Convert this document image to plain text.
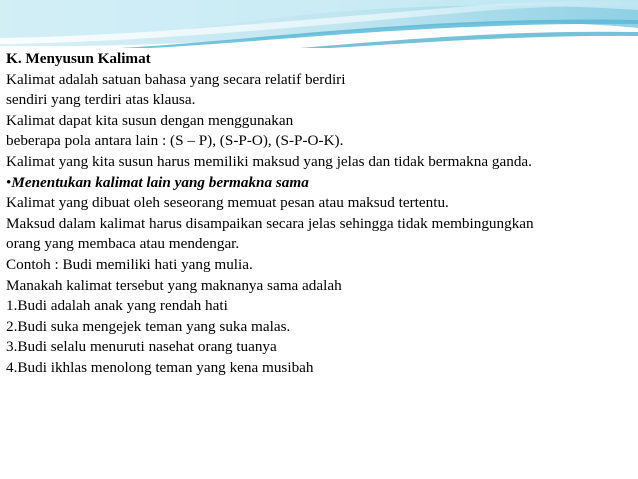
K. Menyusun Kalimat
Kalimat adalah satuan bahasa yang secara relatif berdiri
sendiri yang terdiri atas klausa.
Kalimat dapat kita susun dengan menggunakan
beberapa pola antara lain : (S – P), (S-P-O), (S-P-O-K).
Kalimat yang kita susun harus memiliki maksud yang jelas dan tidak bermakna ganda.
•Menentukan kalimat lain yang bermakna sama
Kalimat yang dibuat oleh seseorang memuat pesan atau maksud tertentu.
Maksud dalam kalimat harus disampaikan secara jelas sehingga tidak membingungkan
orang yang membaca atau mendengar.
Contoh : Budi memiliki hati yang mulia.
Manakah kalimat tersebut yang maknanya sama adalah
1.Budi adalah anak yang rendah hati
2.Budi suka mengejek teman yang suka malas.
3.Budi selalu menuruti nasehat orang tuanya
4.Budi ikhlas menolong teman yang kena musibah
